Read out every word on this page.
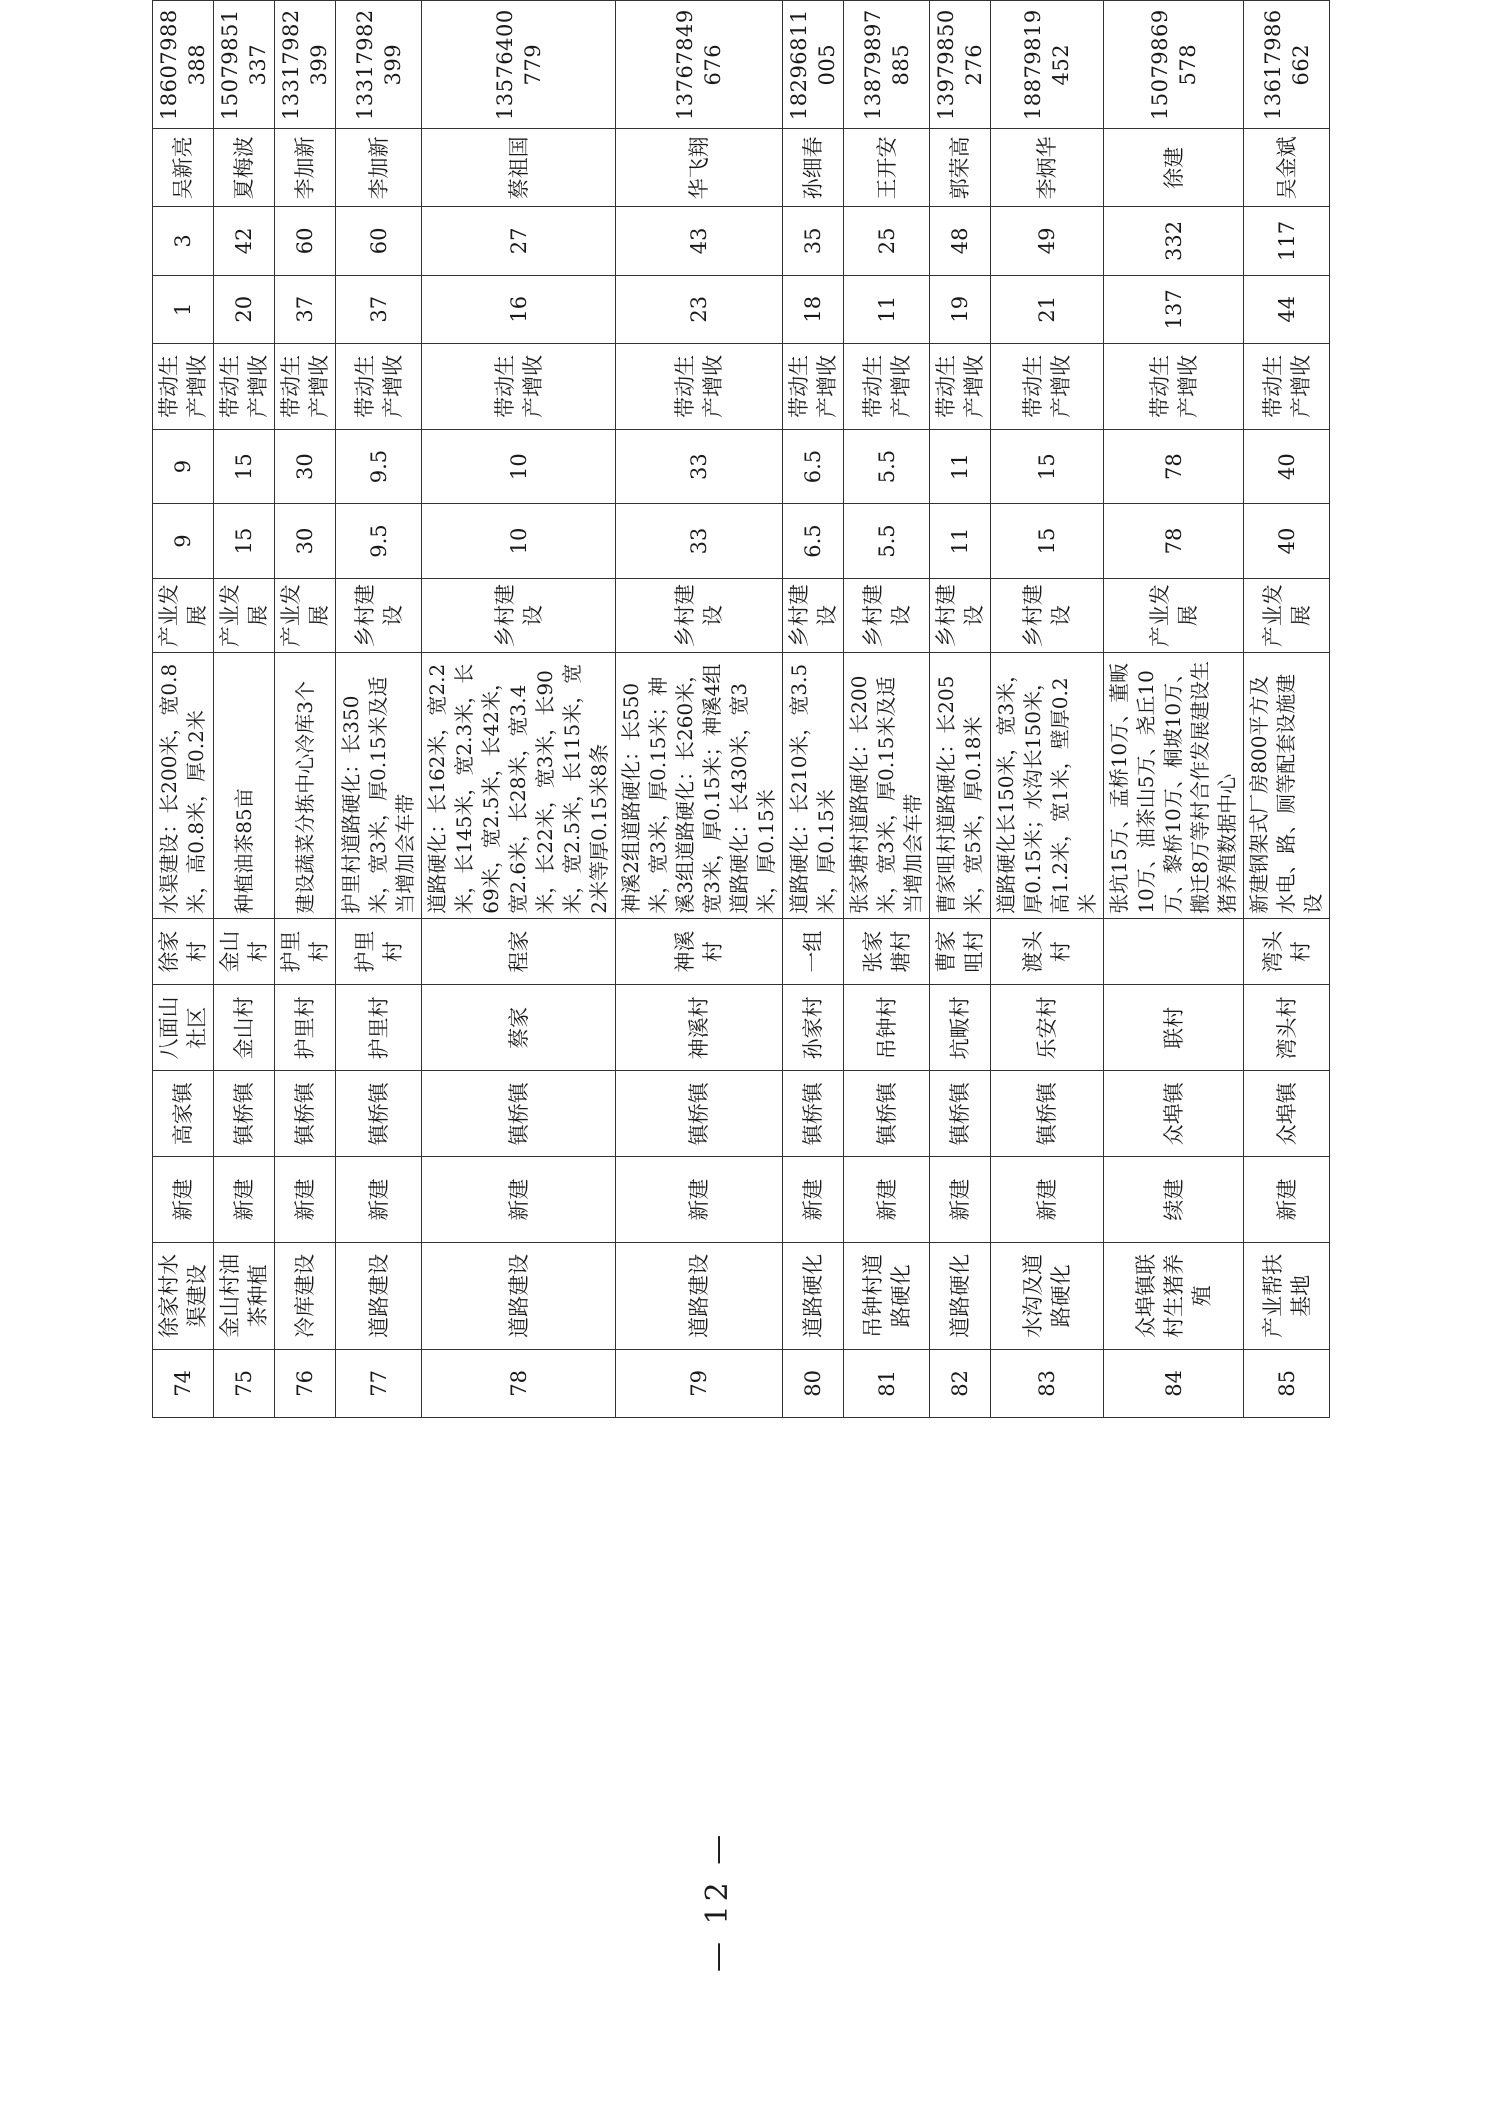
74	徐家村水渠建设	新建	高家镇	八面山社区	徐家村	水渠建设：长200米，宽0.8米，高0.8米，厚0.2米	产业发展	9	9	带动生产增收	1	3	吴新亮	18607988388
75	金山村油茶种植	新建	镇桥镇	金山村	金山村	种植油茶85亩	产业发展	15	15	带动生产增收	20	42	夏梅波	15079851337
76	冷库建设	新建	镇桥镇	护里村	护里村	建设蔬菜分拣中心冷库3个	产业发展	30	30	带动生产增收	37	60	李加新	13317982399
77	道路建设	新建	镇桥镇	护里村	护里村	护里村道路硬化：长350米，宽3米，厚0.15米及适当增加会车带	乡村建设	9.5	9.5	带动生产增收	37	60	李加新	13317982399
78	道路建设	新建	镇桥镇	蔡家	程家	道路硬化：长162米，宽2.2米，长145米，宽2.3米，长69米，宽2.5米，长42米，宽2.6米，长28米，宽3.4米，长22米，宽3米，长90米，宽2.5米，长115米，宽2米等厚0.15米8条	乡村建设	10	10	带动生产增收	16	27	蔡祖国	13576400779
79	道路建设	新建	镇桥镇	神溪村	神溪村	神溪2组道路硬化：长550米，宽3米，厚0.15米；神溪3组道路硬化：长260米，宽3米，厚0.15米；神溪4组道路硬化：长430米，宽3米，厚0.15米	乡村建设	33	33	带动生产增收	23	43	华飞翔	13767849676
80	道路硬化	新建	镇桥镇	孙家村	一组	道路硬化：长210米，宽3.5米，厚0.15米	乡村建设	6.5	6.5	带动生产增收	18	35	孙细春	18296811005
81	吊钟村道路硬化	新建	镇桥镇	吊钟村	张家塘村	张家塘村道路硬化：长200米，宽3米，厚0.15米及适当增加会车带	乡村建设	5.5	5.5	带动生产增收	11	25	王开安	13879897885
82	道路硬化	新建	镇桥镇	坑畈村	曹家咀村	曹家咀村道路硬化：长205米，宽5米，厚0.18米	乡村建设	11	11	带动生产增收	19	48	郭荣高	13979850276
83	水沟及道路硬化	新建	镇桥镇	乐安村	渡头村	道路硬化长150米，宽3米，厚0.15米；水沟长150米，高1.2米，宽1米，壁厚0.2米	乡村建设	15	15	带动生产增收	21	49	李炳华	18879819452
84	众埠镇联村生猪养殖	续建	众埠镇	联村		张坑15万、孟桥10万、董畈10万、油茶山5万、尧丘10万、黎桥10万、桐坡10万、搬迁8万等村合作发展建设生猪养殖数据中心	产业发展	78	78	带动生产增收	137	332	徐建	15079869578
85	产业帮扶基地	新建	众埠镇	湾头村	湾头村	新建钢架式厂房800平方及水电、路、厕等配套设施建设	产业发展	40	40	带动生产增收	44	117	吴金斌	13617986662
— 12 —
